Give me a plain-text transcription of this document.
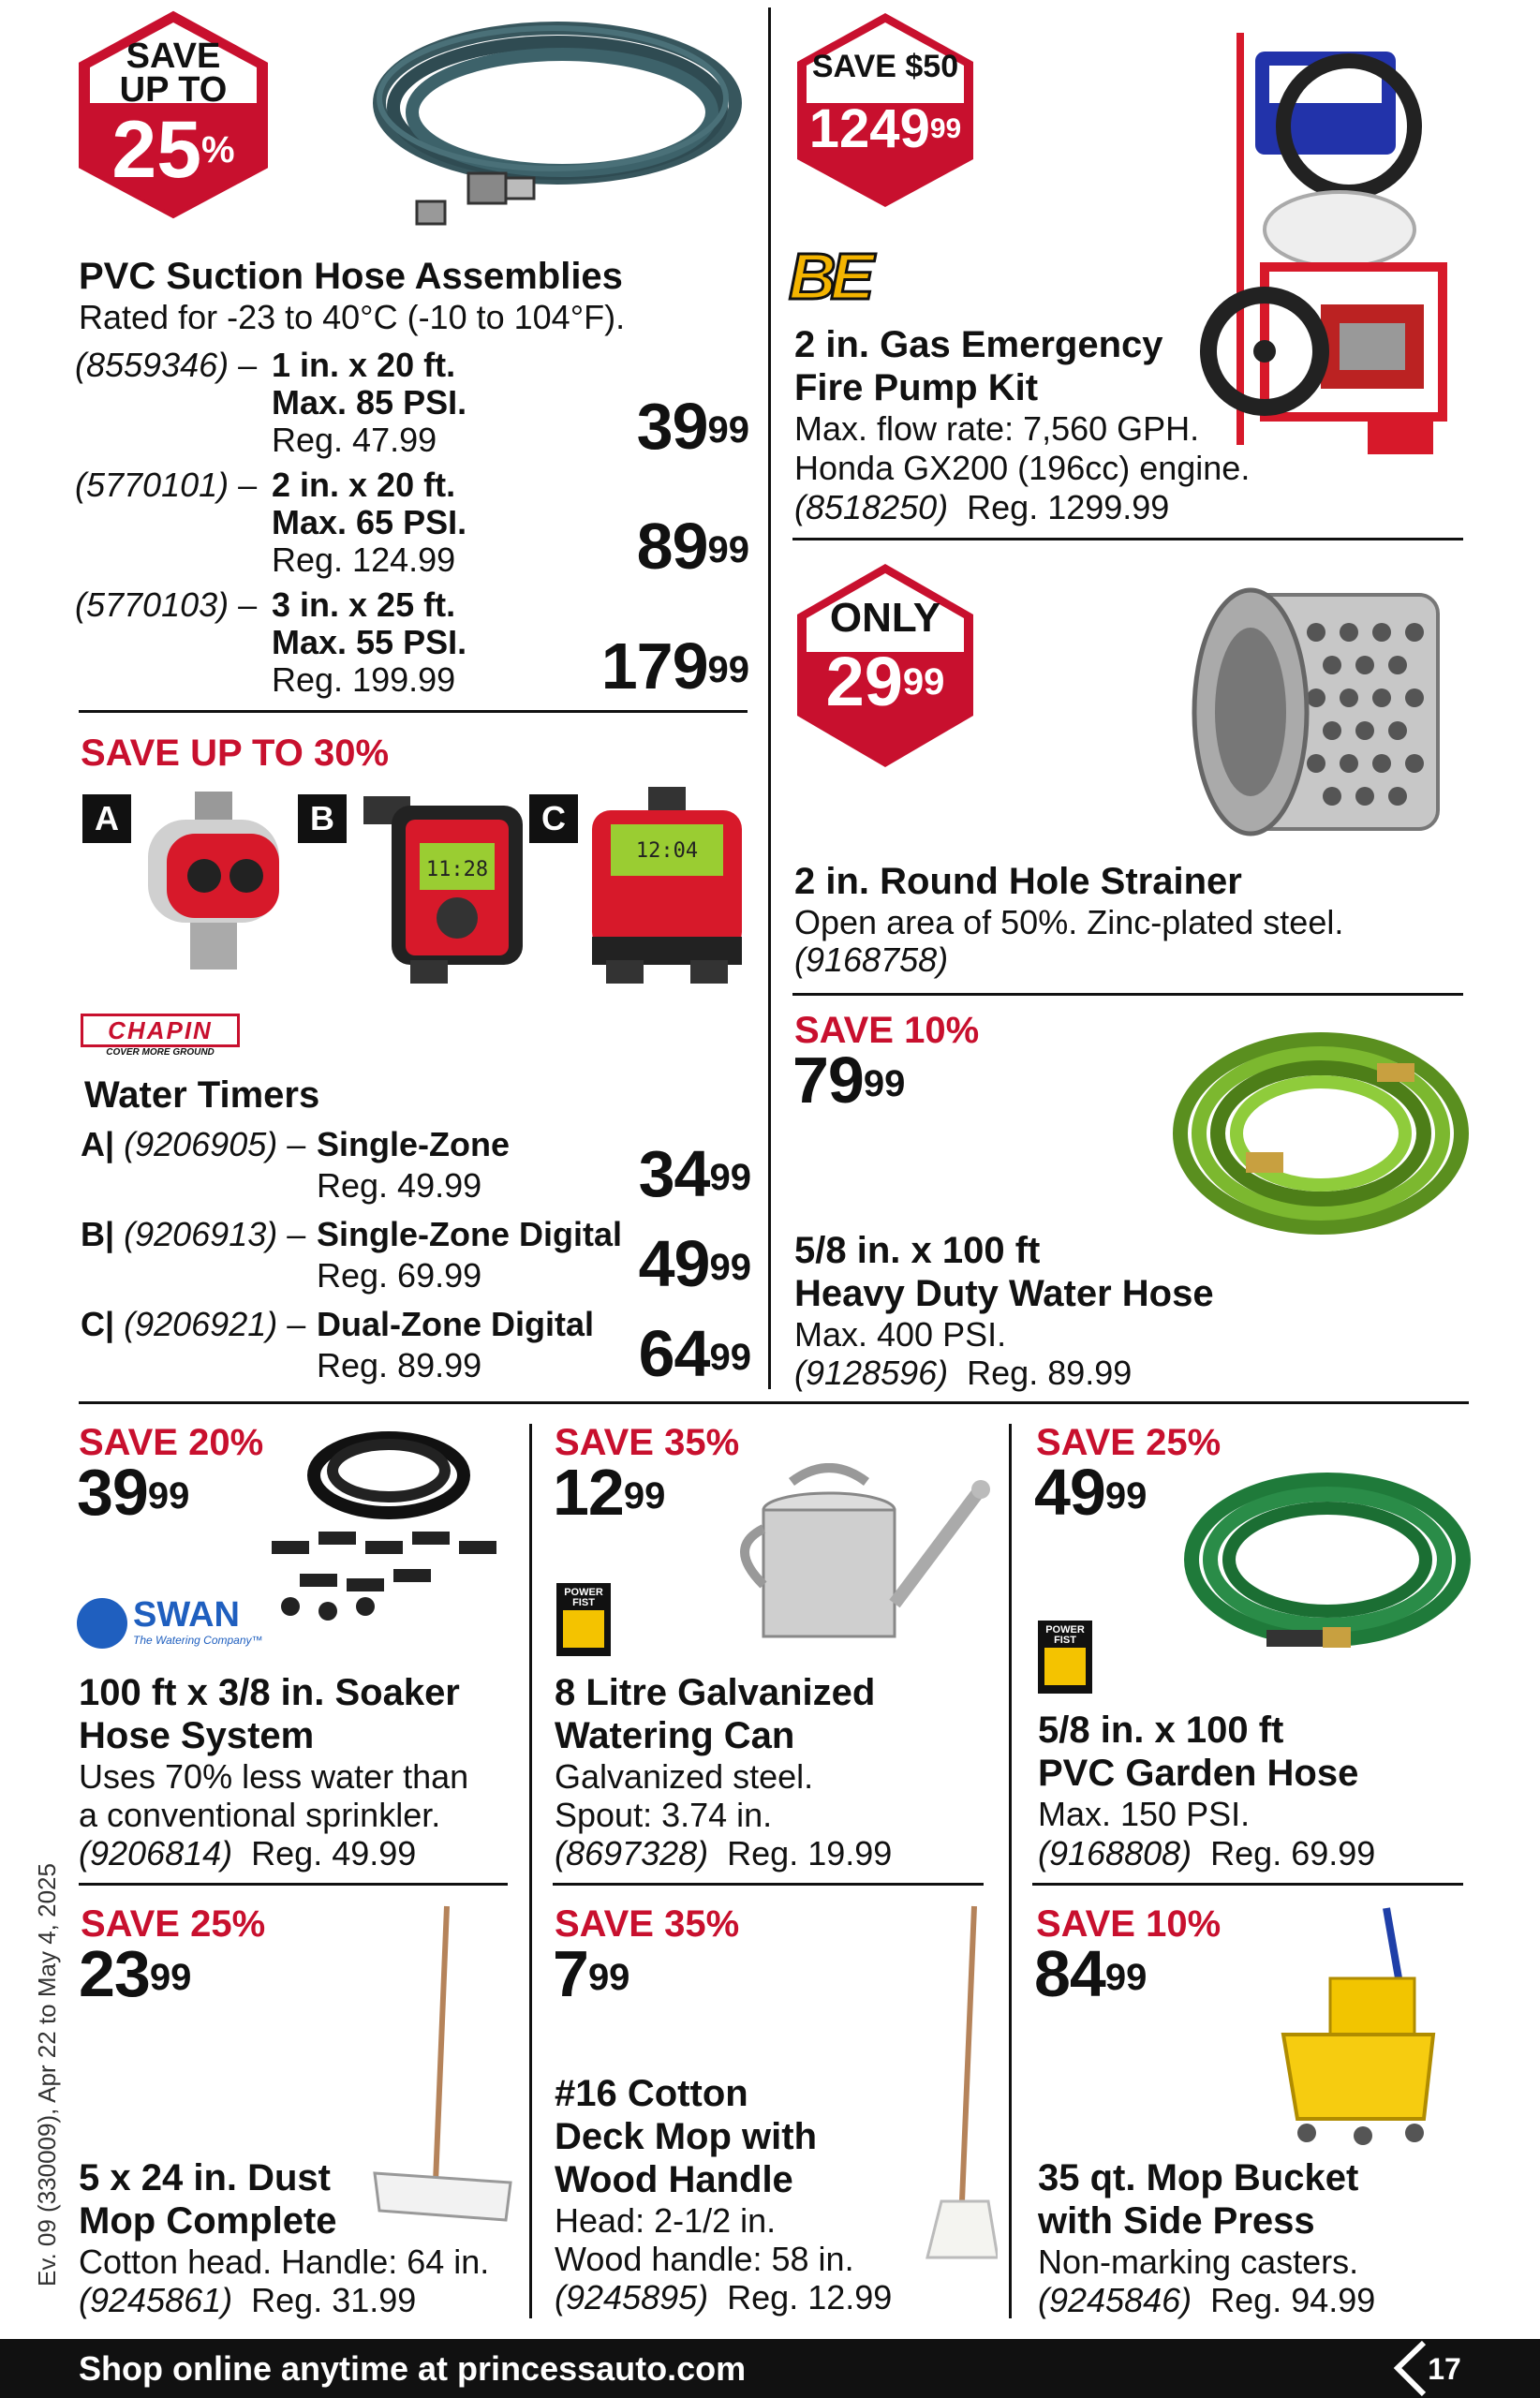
SAVE
UP TO
25%
PVC Suction Hose Assemblies
Rated for -23 to 40°C (-10 to 104°F).
(8559346) – 1 in. x 20 ft.
Max. 85 PSI.
Reg. 47.99	$39^{99}$
(5770101) – 2 in. x 20 ft.
Max. 65 PSI.
Reg. 124.99	$89^{99}$
(5770103) – 3 in. x 25 ft.
Max. 55 PSI.
Reg. 199.99 $179^{99}$
SAVE $50
1249$^{99}$
BE
2 in. Gas Emergency
Fire Pump Kit
Max. flow rate: 7,560 GPH.
Honda GX200 (196cc) engine.
(8518250) Reg. 1299.99
ONLY
$29^{99}$
2 in. Round Hole Strainer
Open area of 50%. Zinc-plated steel.
(9168758)
SAVE UP TO 30%
A	B	C
11:28
12:04
CHAPIN
COVER MORE GROUND
Water Timers
A| (9206905) – Single-Zone
Reg. 49.99 $34^{99}$
B| (9206913) – Single-Zone Digital
Reg. 69.99 $49^{99}$
C| (9206921) – Dual-Zone Digital
Reg. 89.99 $64^{99}$
SAVE 10%
$79^{99}$
5/8 in. x 100 ft
Heavy Duty Water Hose
Max. 400 PSI.
(9128596) Reg. 89.99
SAVE 20%
$39^{99}$
SWAN
The Watering Company™
100 ft x 3/8 in. Soaker
Hose System
Uses 70% less water than
a conventional sprinkler.
(9206814) Reg. 49.99
SAVE 35%
$12^{99}$
POWER FIST
8 Litre Galvanized
Watering Can
Galvanized steel.
Spout: 3.74 in.
(8697328) Reg. 19.99
SAVE 25%
$49^{99}$
POWER FIST
5/8 in. x 100 ft
PVC Garden Hose
Max. 150 PSI.
(9168808) Reg. 69.99
SAVE 25%
$23^{99}$
5 x 24 in. Dust
Mop Complete
Cotton head. Handle: 64 in.
(9245861) Reg. 31.99
SAVE 35%
$7^{99}$
#16 Cotton
Deck Mop with
Wood Handle
Head: 2-1/2 in.
Wood handle: 58 in.
(9245895) Reg. 12.99
SAVE 10%
$84^{99}$
35 qt. Mop Bucket
with Side Press
Non-marking casters.
(9245846) Reg. 94.99
Ev. 09 (330009), Apr 22 to May 4, 2025
Shop online anytime at princessauto.com	17
